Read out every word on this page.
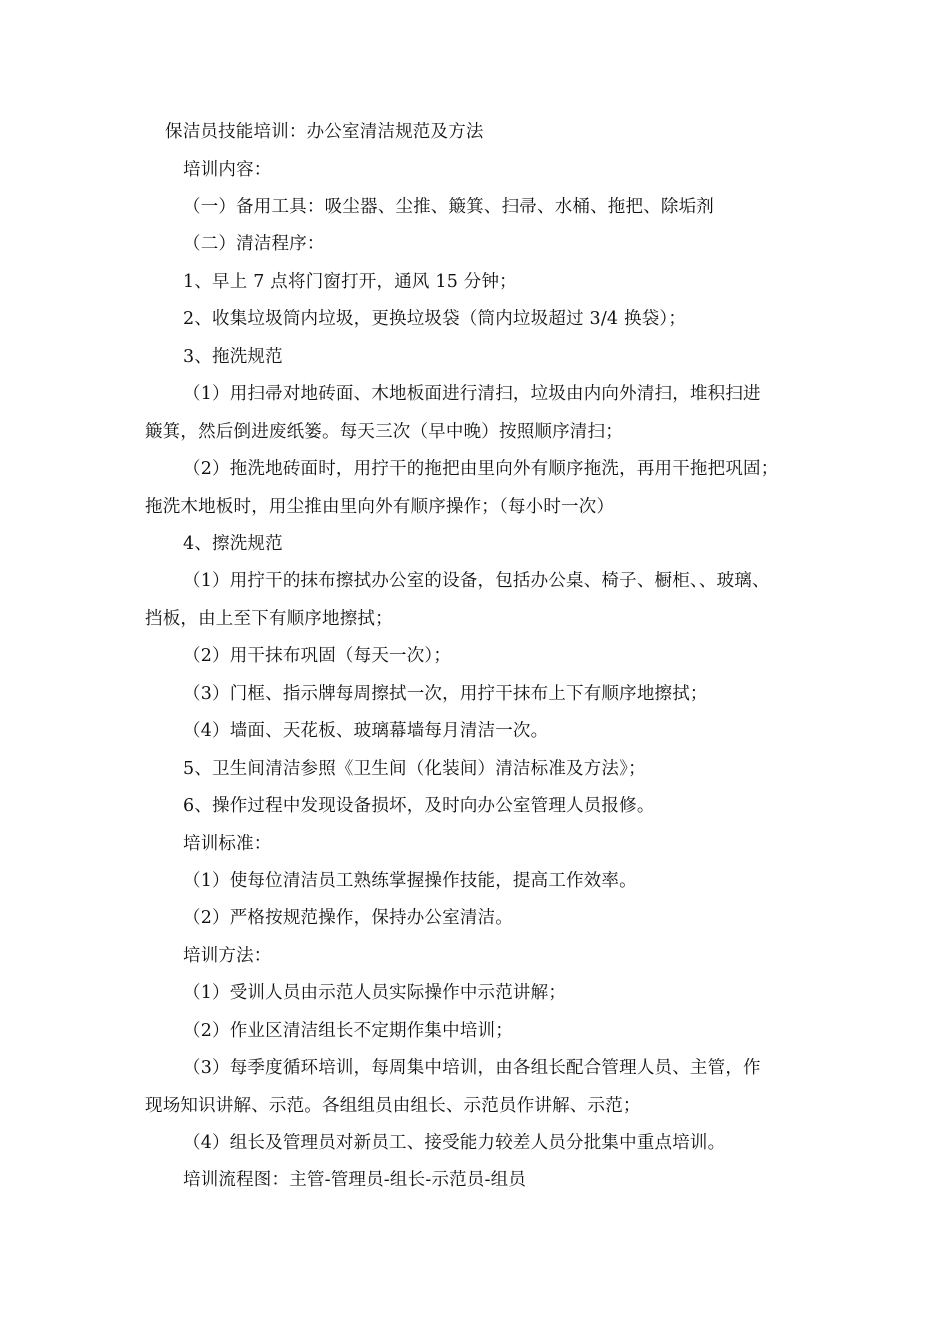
保洁员技能培训：办公室清洁规范及方法
培训内容：
（一）备用工具：吸尘器、尘推、簸箕、扫帚、水桶、拖把、除垢剂
（二）清洁程序：
1、早上 7 点将门窗打开，通风 15 分钟；
2、收集垃圾筒内垃圾，更换垃圾袋（筒内垃圾超过 3/4 换袋）；
3、拖洗规范
（1）用扫帚对地砖面、木地板面进行清扫，垃圾由内向外清扫，堆积扫进
簸箕，然后倒进废纸篓。每天三次（早中晚）按照顺序清扫；
（2）拖洗地砖面时，用拧干的拖把由里向外有顺序拖洗，再用干拖把巩固；
拖洗木地板时，用尘推由里向外有顺序操作；（每小时一次）
4、擦洗规范
（1）用拧干的抹布擦拭办公室的设备，包括办公桌、椅子、橱柜、、玻璃、
挡板，由上至下有顺序地擦拭；
（2）用干抹布巩固（每天一次）；
（3）门框、指示牌每周擦拭一次，用拧干抹布上下有顺序地擦拭；
（4）墙面、天花板、玻璃幕墙每月清洁一次。
5、卫生间清洁参照《卫生间（化装间）清洁标准及方法》；
6、操作过程中发现设备损坏，及时向办公室管理人员报修。
培训标准：
（1）使每位清洁员工熟练掌握操作技能，提高工作效率。
（2）严格按规范操作，保持办公室清洁。
培训方法：
（1）受训人员由示范人员实际操作中示范讲解；
（2）作业区清洁组长不定期作集中培训；
（3）每季度循环培训，每周集中培训，由各组长配合管理人员、主管，作
现场知识讲解、示范。各组组员由组长、示范员作讲解、示范；
（4）组长及管理员对新员工、接受能力较差人员分批集中重点培训。
培训流程图：主管-管理员-组长-示范员-组员
